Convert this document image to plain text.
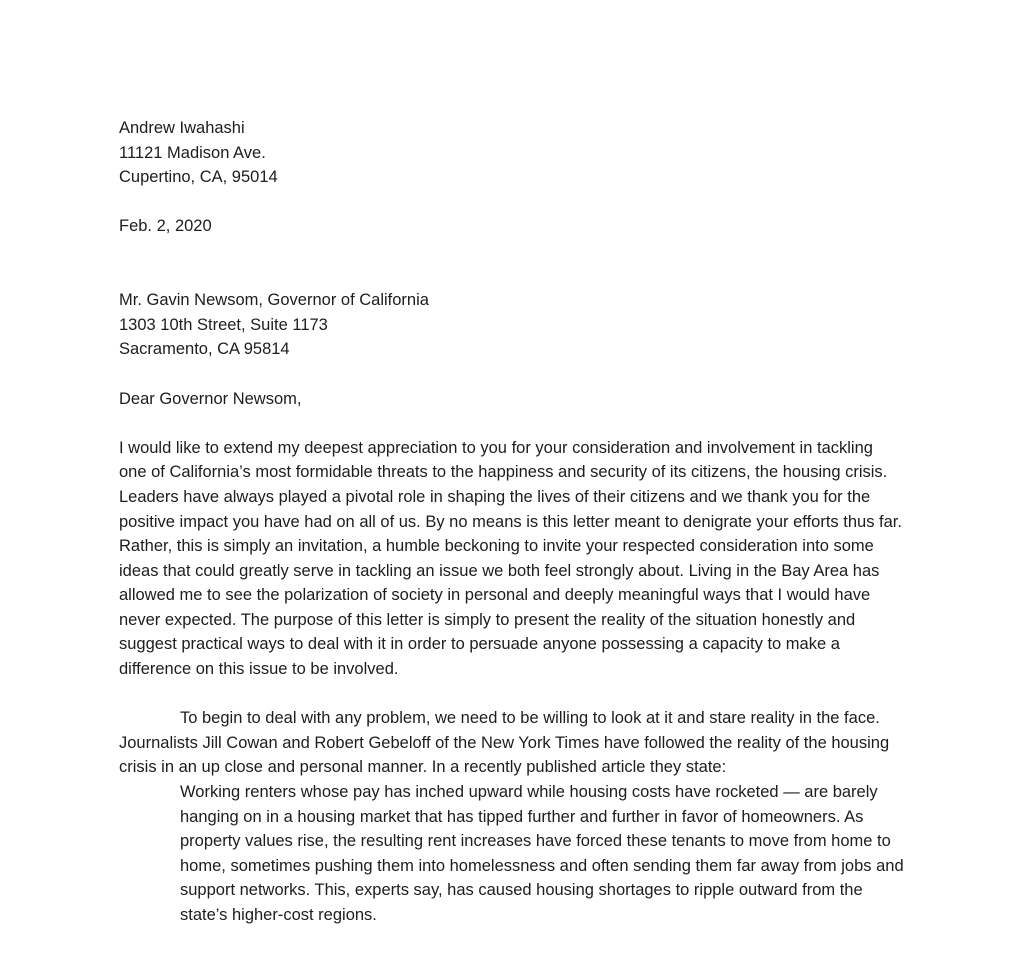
Andrew Iwahashi
11121 Madison Ave.
Cupertino, CA, 95014
Feb. 2, 2020
Mr. Gavin Newsom, Governor of California
1303 10th Street, Suite 1173
Sacramento, CA 95814
Dear Governor Newsom,

I would like to extend my deepest appreciation to you for your consideration and involvement in tackling one of California’s most formidable threats to the happiness and security of its citizens, the housing crisis. Leaders have always played a pivotal role in shaping the lives of their citizens and we thank you for the positive impact you have had on all of us. By no means is this letter meant to denigrate your efforts thus far. Rather, this is simply an invitation, a humble beckoning to invite your respected consideration into some ideas that could greatly serve in tackling an issue we both feel strongly about. Living in the Bay Area has allowed me to see the polarization of society in personal and deeply meaningful ways that I would have never expected. The purpose of this letter is simply to present the reality of the situation honestly and suggest practical ways to deal with it in order to persuade anyone possessing a capacity to make a difference on this issue to be involved.

To begin to deal with any problem, we need to be willing to look at it and stare reality in the face. Journalists Jill Cowan and Robert Gebeloff of the New York Times have followed the reality of the housing crisis in an up close and personal manner. In a recently published article they state:

Working renters whose pay has inched upward while housing costs have rocketed — are barely hanging on in a housing market that has tipped further and further in favor of homeowners. As property values rise, the resulting rent increases have forced these tenants to move from home to home, sometimes pushing them into homelessness and often sending them far away from jobs and support networks. This, experts say, has caused housing shortages to ripple outward from the state’s higher-cost regions.
